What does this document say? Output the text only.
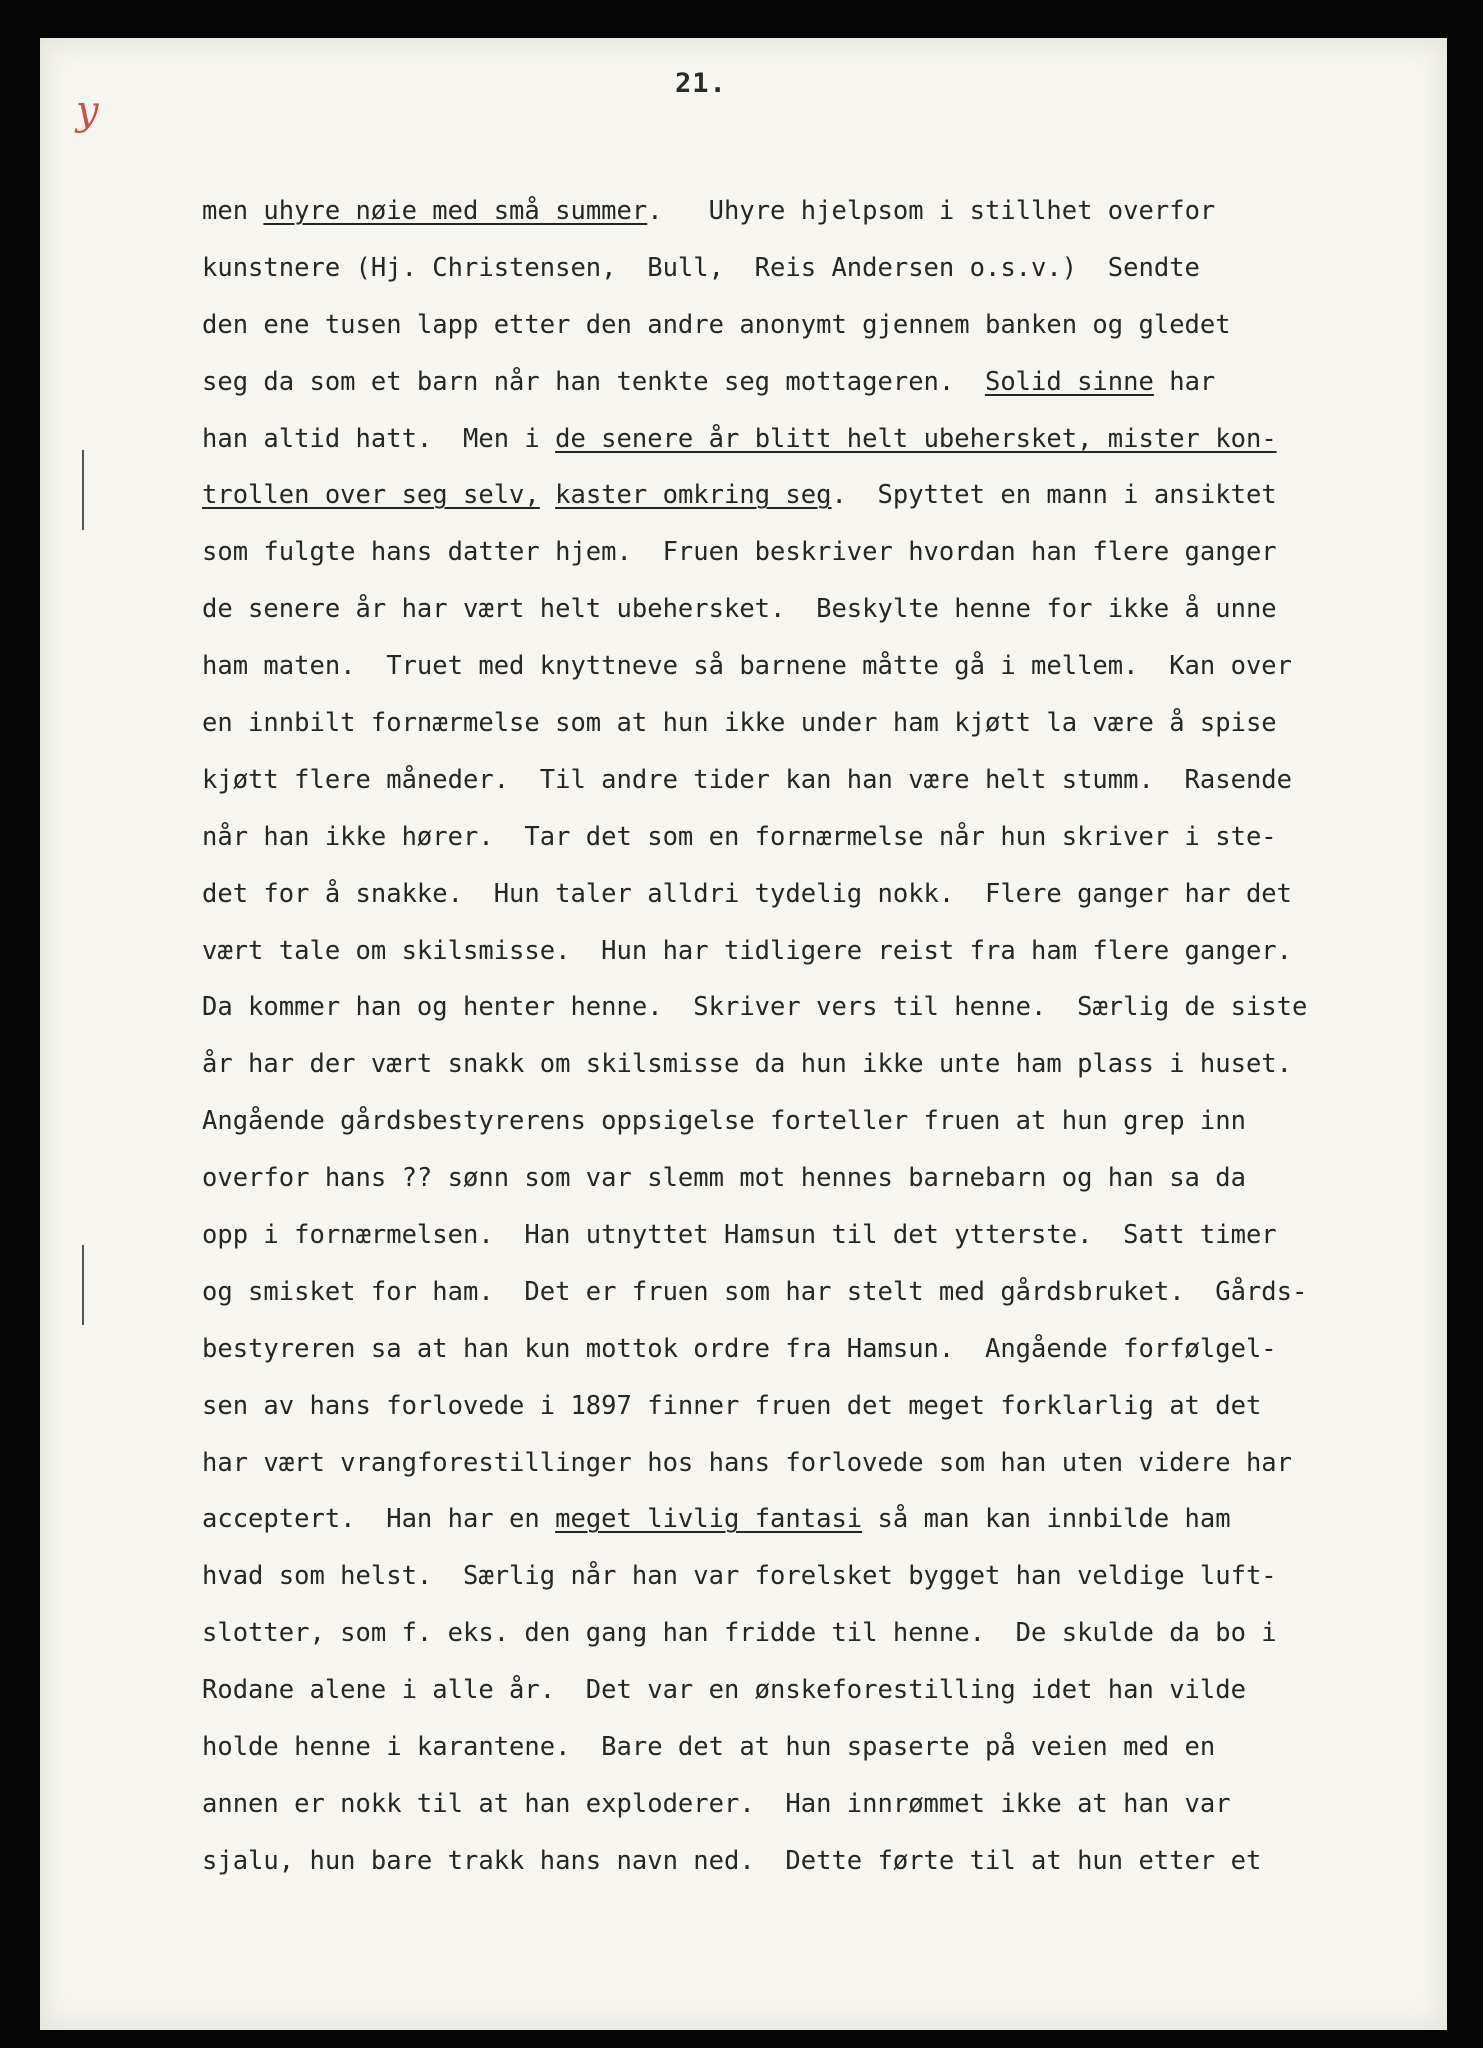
y
21.
men uhyre nøie med små summer.   Uhyre hjelpsom i stillhet overfor
kunstnere (Hj. Christensen,  Bull,  Reis Andersen o.s.v.)  Sendte
den ene tusen lapp etter den andre anonymt gjennem banken og gledet
seg da som et barn når han tenkte seg mottageren.  Solid sinne har
han altid hatt.  Men i de senere år blitt helt ubehersket, mister kon-
trollen over seg selv, kaster omkring seg.  Spyttet en mann i ansiktet
som fulgte hans datter hjem.  Fruen beskriver hvordan han flere ganger
de senere år har vært helt ubehersket.  Beskylte henne for ikke å unne
ham maten.  Truet med knyttneve så barnene måtte gå i mellem.  Kan over
en innbilt fornærmelse som at hun ikke under ham kjøtt la være å spise
kjøtt flere måneder.  Til andre tider kan han være helt stumm.  Rasende
når han ikke hører.  Tar det som en fornærmelse når hun skriver i ste-
det for å snakke.  Hun taler alldri tydelig nokk.  Flere ganger har det
vært tale om skilsmisse.  Hun har tidligere reist fra ham flere ganger.
Da kommer han og henter henne.  Skriver vers til henne.  Særlig de siste
år har der vært snakk om skilsmisse da hun ikke unte ham plass i huset.
Angående gårdsbestyrerens oppsigelse forteller fruen at hun grep inn
overfor hans ?? sønn som var slemm mot hennes barnebarn og han sa da
opp i fornærmelsen.  Han utnyttet Hamsun til det ytterste.  Satt timer
og smisket for ham.  Det er fruen som har stelt med gårdsbruket.  Gårds-
bestyreren sa at han kun mottok ordre fra Hamsun.  Angående forfølgel-
sen av hans forlovede i 1897 finner fruen det meget forklarlig at det
har vært vrangforestillinger hos hans forlovede som han uten videre har
acceptert.  Han har en meget livlig fantasi så man kan innbilde ham
hvad som helst.  Særlig når han var forelsket bygget han veldige luft-
slotter, som f. eks. den gang han fridde til henne.  De skulde da bo i
Rodane alene i alle år.  Det var en ønskeforestilling idet han vilde
holde henne i karantene.  Bare det at hun spaserte på veien med en
annen er nokk til at han exploderer.  Han innrømmet ikke at han var
sjalu, hun bare trakk hans navn ned.  Dette førte til at hun etter et
